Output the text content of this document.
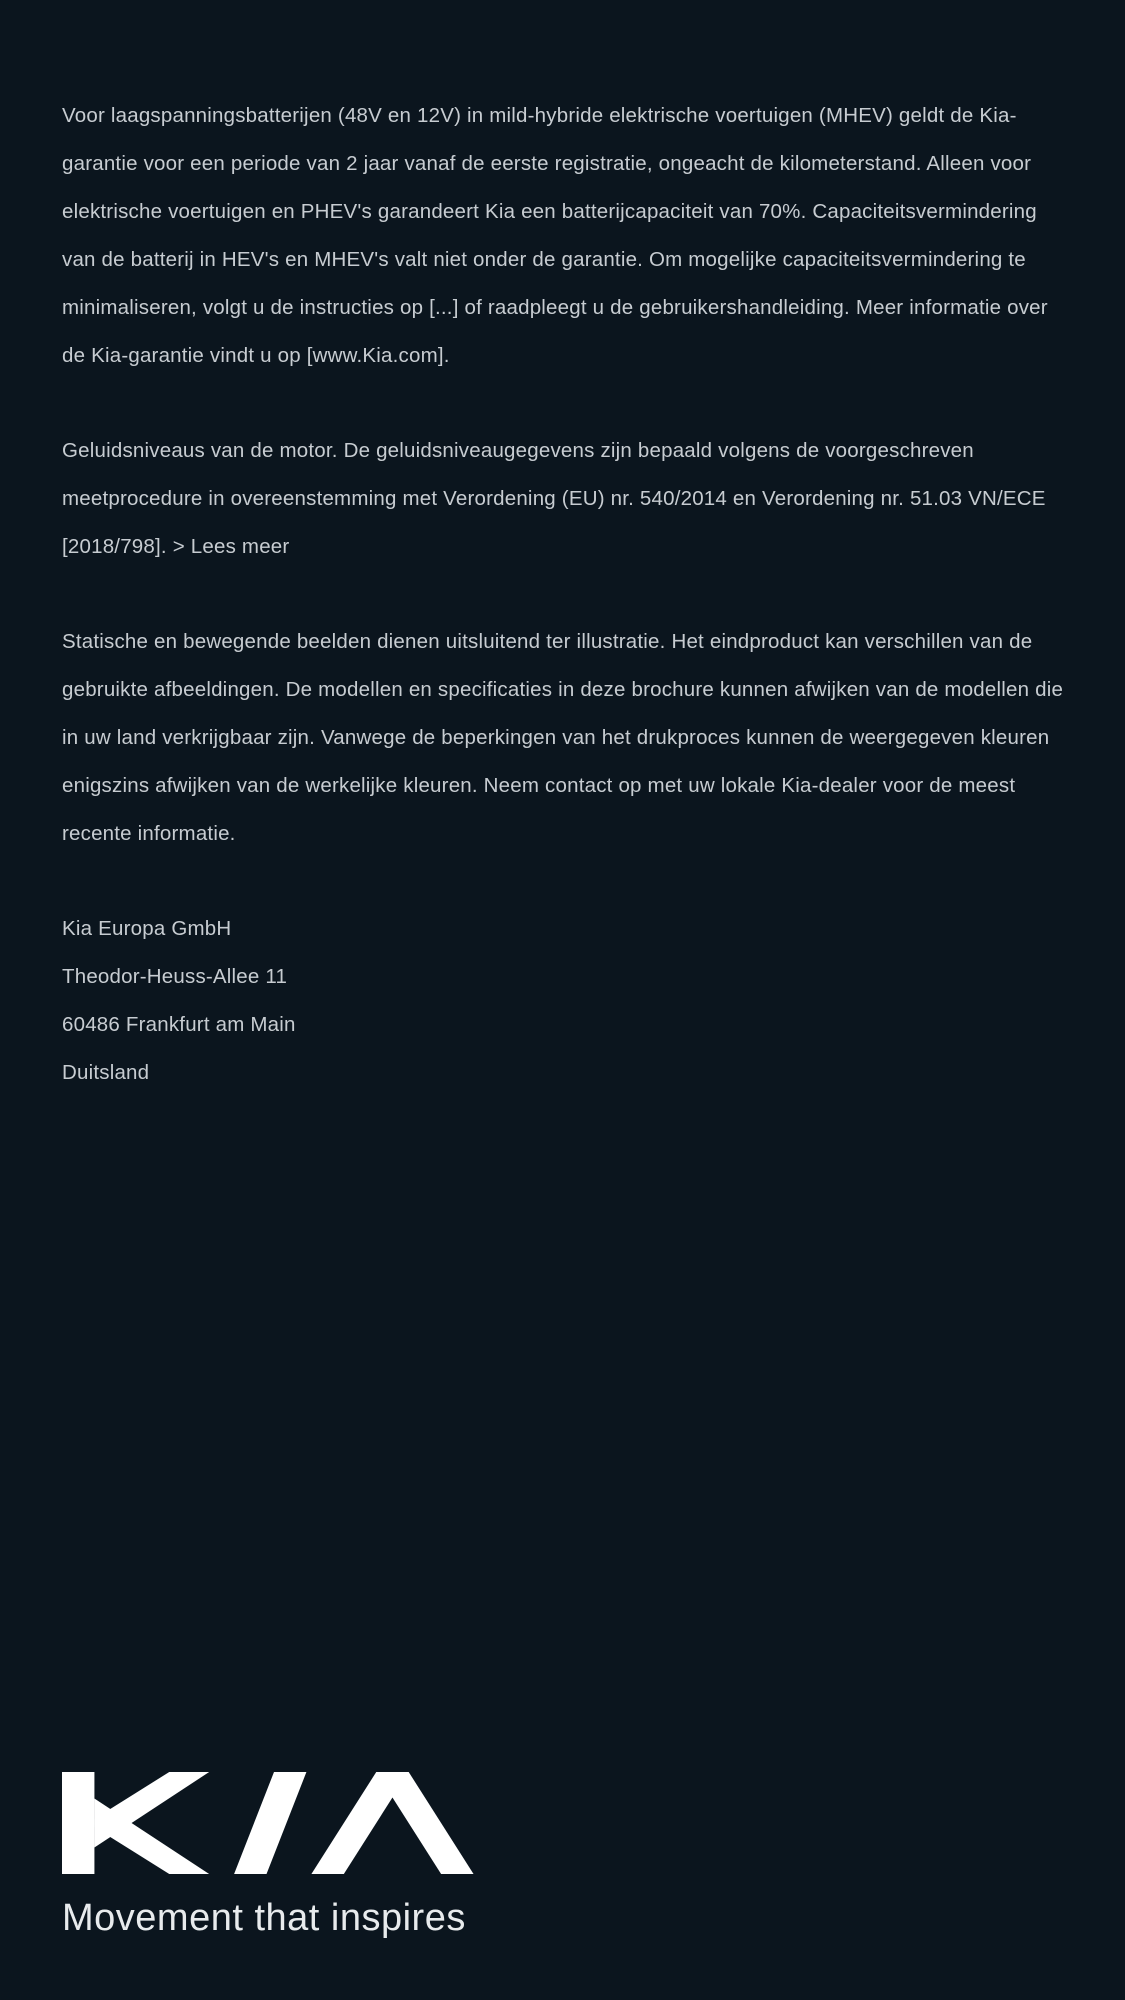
Voor laagspanningsbatterijen (48V en 12V) in mild-hybride elektrische voertuigen (MHEV) geldt de Kia-garantie voor een periode van 2 jaar vanaf de eerste registratie, ongeacht de kilometerstand. Alleen voor elektrische voertuigen en PHEV's garandeert Kia een batterijcapaciteit van 70%. Capaciteitsvermindering van de batterij in HEV's en MHEV's valt niet onder de garantie. Om mogelijke capaciteitsvermindering te minimaliseren, volgt u de instructies op [...] of raadpleegt u de gebruikershandleiding. Meer informatie over de Kia-garantie vindt u op [www.Kia.com].

Geluidsniveaus van de motor. De geluidsniveaugegevens zijn bepaald volgens de voorgeschreven meetprocedure in overeenstemming met Verordening (EU) nr. 540/2014 en Verordening nr. 51.03 VN/ECE [2018/798]. > Lees meer

Statische en bewegende beelden dienen uitsluitend ter illustratie. Het eindproduct kan verschillen van de gebruikte afbeeldingen. De modellen en specificaties in deze brochure kunnen afwijken van de modellen die in uw land verkrijgbaar zijn. Vanwege de beperkingen van het drukproces kunnen de weergegeven kleuren enigszins afwijken van de werkelijke kleuren. Neem contact op met uw lokale Kia-dealer voor de meest recente informatie.

Kia Europa GmbH
Theodor-Heuss-Allee 11
60486 Frankfurt am Main
Duitsland
Movement that inspires
